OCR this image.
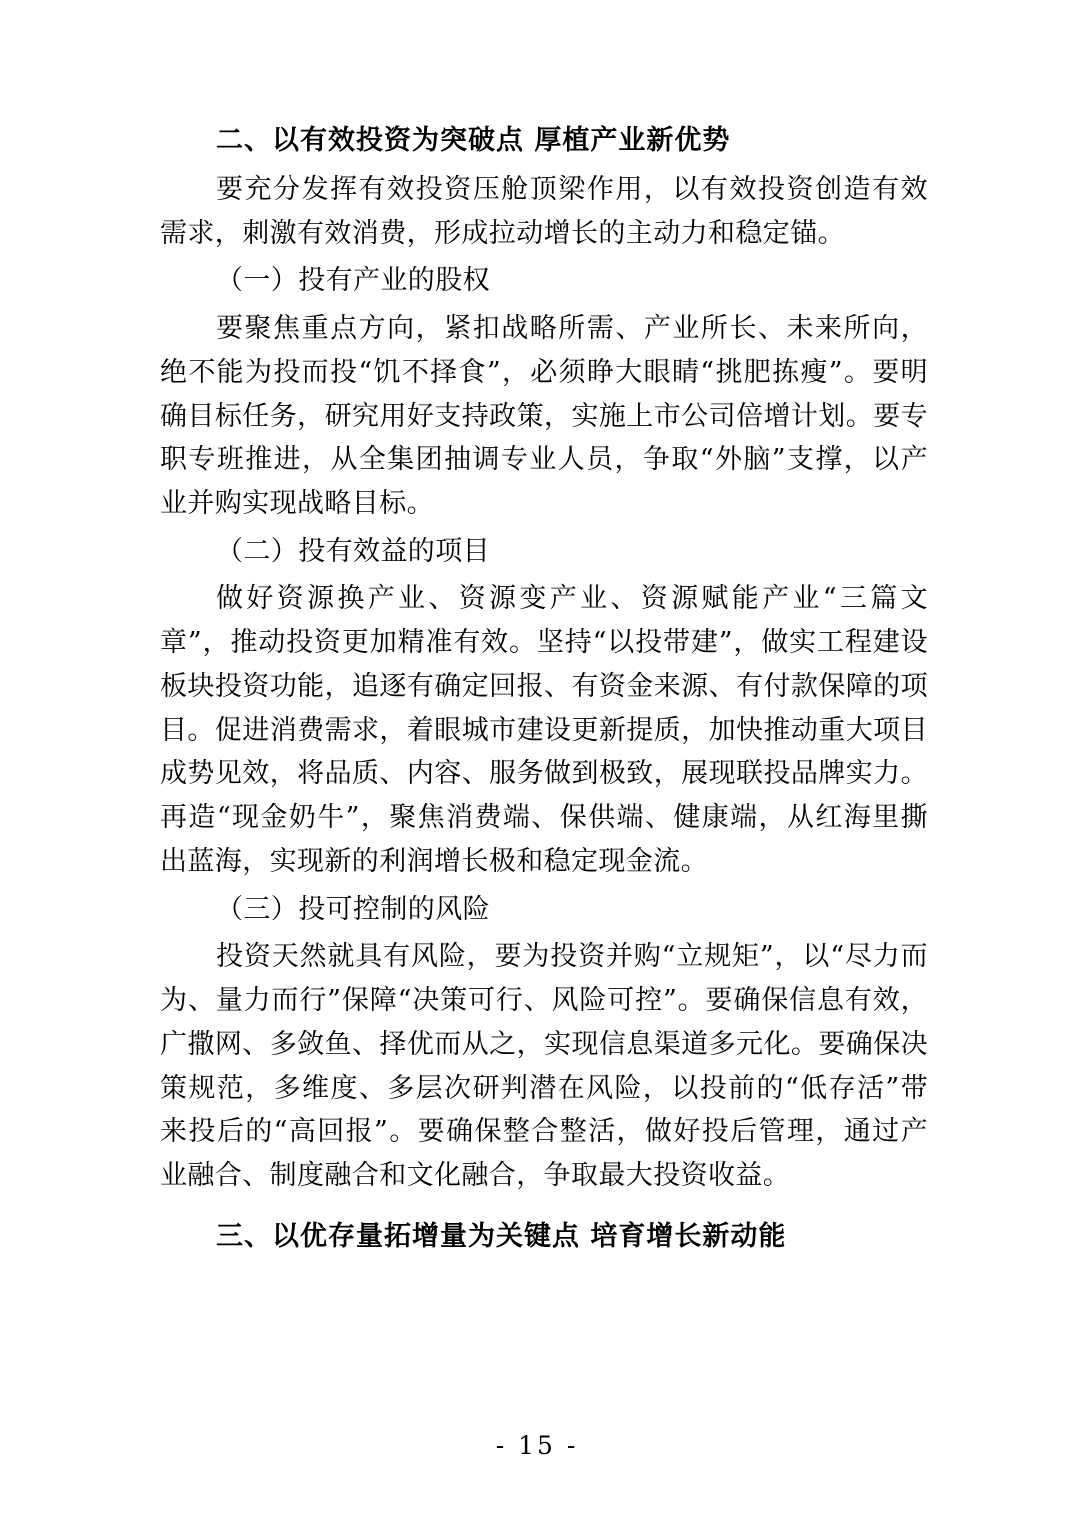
二、以有效投资为突破点 厚植产业新优势

要充分发挥有效投资压舱顶梁作用，以有效投资创造有效需求，刺激有效消费，形成拉动增长的主动力和稳定锚。

（一）投有产业的股权

要聚焦重点方向，紧扣战略所需、产业所长、未来所向，绝不能为投而投“饥不择食”，必须睁大眼睛“挑肥拣瘦”。要明确目标任务，研究用好支持政策，实施上市公司倍增计划。要专职专班推进，从全集团抽调专业人员，争取“外脑”支撑，以产业并购实现战略目标。

（二）投有效益的项目

做好资源换产业、资源变产业、资源赋能产业“三篇文章”，推动投资更加精准有效。坚持“以投带建”，做实工程建设板块投资功能，追逐有确定回报、有资金来源、有付款保障的项目。促进消费需求，着眼城市建设更新提质，加快推动重大项目成势见效，将品质、内容、服务做到极致，展现联投品牌实力。再造“现金奶牛”，聚焦消费端、保供端、健康端，从红海里撕出蓝海，实现新的利润增长极和稳定现金流。

（三）投可控制的风险

投资天然就具有风险，要为投资并购“立规矩”，以“尽力而为、量力而行”保障“决策可行、风险可控”。要确保信息有效，广撒网、多敛鱼、择优而从之，实现信息渠道多元化。要确保决策规范，多维度、多层次研判潜在风险，以投前的“低存活”带来投后的“高回报”。要确保整合整活，做好投后管理，通过产业融合、制度融合和文化融合，争取最大投资收益。

三、以优存量拓增量为关键点 培育增长新动能
- 15 -
